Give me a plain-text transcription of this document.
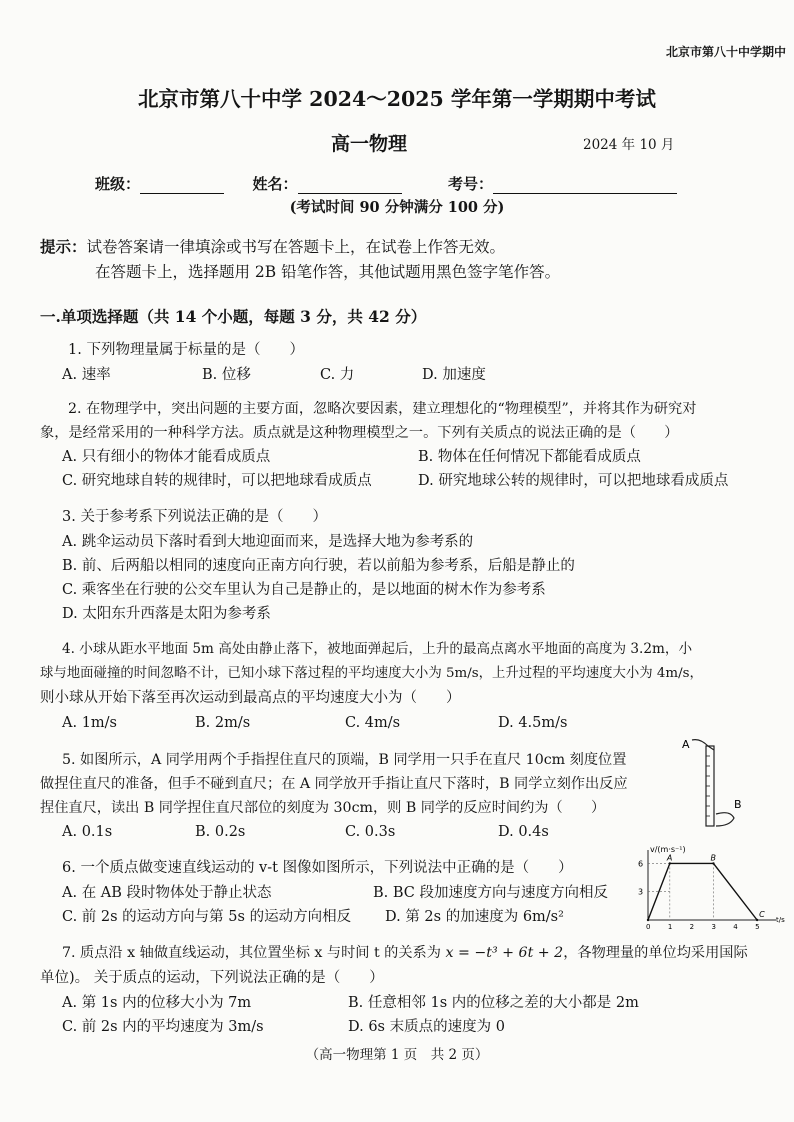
北京市第八十中学期中
北京市第八十中学 2024～2025 学年第一学期期中考试
高一物理	2024 年 10 月
班级：	姓名：	考号：
(考试时间 90 分钟满分 100 分)
提示：试卷答案请一律填涂或书写在答题卡上，在试卷上作答无效。
在答题卡上，选择题用 2B 铅笔作答，其他试题用黑色签字笔作答。
一.单项选择题（共 14 个小题，每题 3 分，共 42 分）
1. 下列物理量属于标量的是（　　）
A. 速率	B. 位移	C. 力	D. 加速度
2. 在物理学中，突出问题的主要方面，忽略次要因素，建立理想化的“物理模型”，并将其作为研究对
象，是经常采用的一种科学方法。质点就是这种物理模型之一。下列有关质点的说法正确的是（　　）
A. 只有细小的物体才能看成质点	B. 物体在任何情况下都能看成质点
C. 研究地球自转的规律时，可以把地球看成质点	D. 研究地球公转的规律时，可以把地球看成质点
3. 关于参考系下列说法正确的是（　　）
A. 跳伞运动员下落时看到大地迎面而来，是选择大地为参考系的
B. 前、后两船以相同的速度向正南方向行驶，若以前船为参考系，后船是静止的
C. 乘客坐在行驶的公交车里认为自己是静止的，是以地面的树木作为参考系
D. 太阳东升西落是太阳为参考系
4. 小球从距水平地面 5m 高处由静止落下，被地面弹起后，上升的最高点离水平地面的高度为 3.2m，小
球与地面碰撞的时间忽略不计，已知小球下落过程的平均速度大小为 5m/s，上升过程的平均速度大小为 4m/s，
则小球从开始下落至再次运动到最高点的平均速度大小为（　　）
A. 1m/s	B. 2m/s	C. 4m/s	D. 4.5m/s
5. 如图所示，A 同学用两个手指捏住直尺的顶端，B 同学用一只手在直尺 10cm 刻度位置
做捏住直尺的准备，但手不碰到直尺；在 A 同学放开手指让直尺下落时，B 同学立刻作出反应
捏住直尺，读出 B 同学捏住直尺部位的刻度为 30cm，则 B 同学的反应时间约为（　　）
A. 0.1s	B. 0.2s	C. 0.3s	D. 0.4s
A
B
6. 一个质点做变速直线运动的 v-t 图像如图所示，下列说法中正确的是（　　）
A. 在 AB 段时物体处于静止状态	B. BC 段加速度方向与速度方向相反
C. 前 2s 的运动方向与第 5s 的运动方向相反 D. 第 2s 的加速度为 6m/s²
v/(m·s⁻¹)
t/s
0 1 2 3 4 5
3
6
A	B
C
7. 质点沿 x 轴做直线运动，其位置坐标 x 与时间 t 的关系为 x = −t³ + 6t + 2，各物理量的单位均采用国际
单位)。 关于质点的运动，下列说法正确的是（　　）
A. 第 1s 内的位移大小为 7m	B. 任意相邻 1s 内的位移之差的大小都是 2m
C. 前 2s 内的平均速度为 3m/s	D. 6s 末质点的速度为 0
（高一物理第 1 页　共 2 页）
